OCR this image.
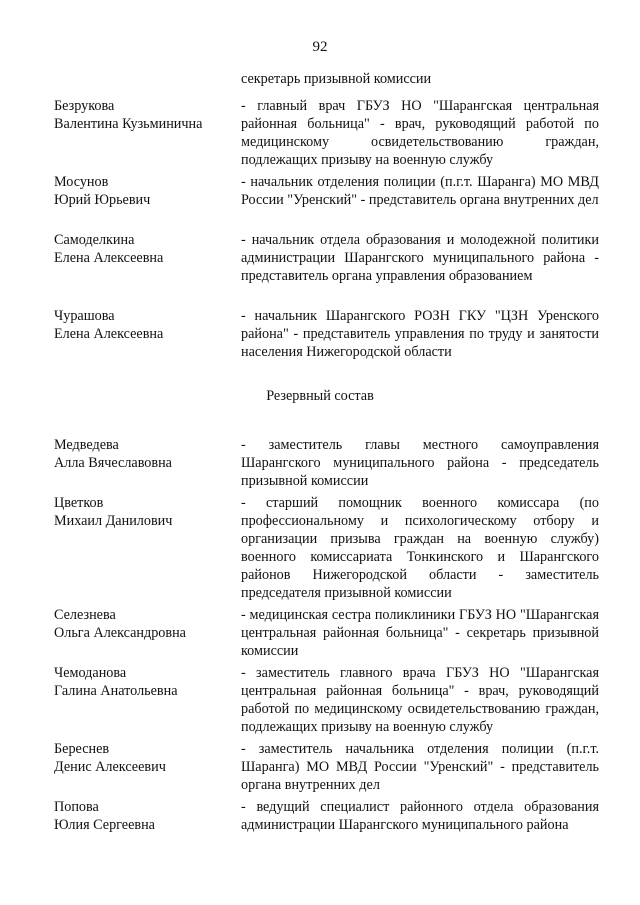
92
секретарь призывной комиссии
Безрукова
Валентина Кузьминична
- главный врач ГБУЗ НО "Шарангская центральная районная больница" - врач, руководящий работой по медицинскому освидетельствованию граждан, подлежащих призыву на военную службу
Мосунов
Юрий Юрьевич
- начальник отделения полиции (п.г.т. Шаранга) МО МВД России "Уренский" - представитель органа внутренних дел
Самоделкина
Елена Алексеевна
- начальник отдела образования и молодежной политики администрации Шарангского муниципального района - представитель органа управления образованием
Чурашова
Елена Алексеевна
- начальник Шарангского РОЗН ГКУ "ЦЗН Уренского района" - представитель управления по труду и занятости населения Нижегородской области
Резервный состав
Медведева
Алла Вячеславовна
- заместитель главы местного самоуправления Шарангского муниципального района - председатель призывной комиссии
Цветков
Михаил Данилович
- старший помощник военного комиссара (по профессиональному и психологическому отбору и организации призыва граждан на военную службу) военного комиссариата Тонкинского и Шарангского районов Нижегородской области - заместитель председателя призывной комиссии
Селезнева
Ольга Александровна
- медицинская сестра поликлиники ГБУЗ НО "Шарангская центральная районная больница" - секретарь призывной комиссии
Чемоданова
Галина Анатольевна
- заместитель главного врача ГБУЗ НО "Шарангская центральная районная больница" - врач, руководящий работой по медицинскому освидетельствованию граждан, подлежащих призыву на военную службу
Береснев
Денис Алексеевич
- заместитель начальника отделения полиции (п.г.т. Шаранга) МО МВД России "Уренский" - представитель органа внутренних дел
Попова
Юлия Сергеевна
- ведущий специалист районного отдела образования администрации Шарангского муниципального района
